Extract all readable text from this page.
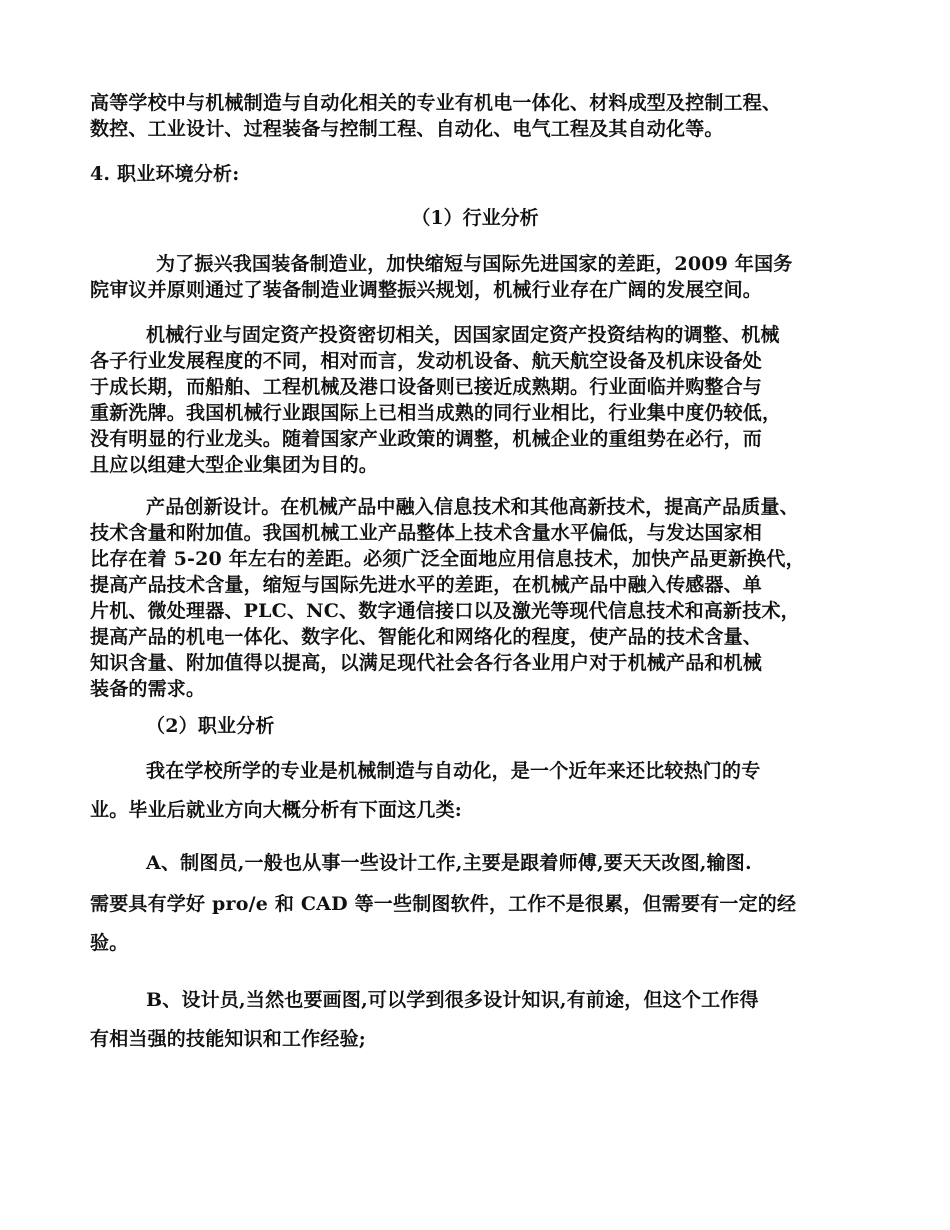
高等学校中与机械制造与自动化相关的专业有机电一体化、材料成型及控制工程、
数控、工业设计、过程装备与控制工程、自动化、电气工程及其自动化等。
4. 职业环境分析:
（1）行业分析
为了振兴我国装备制造业，加快缩短与国际先进国家的差距，2009 年国务
院审议并原则通过了装备制造业调整振兴规划，机械行业存在广阔的发展空间。
机械行业与固定资产投资密切相关，因国家固定资产投资结构的调整、机械
各子行业发展程度的不同，相对而言，发动机设备、航天航空设备及机床设备处
于成长期，而船舶、工程机械及港口设备则已接近成熟期。行业面临并购整合与
重新洗牌。我国机械行业跟国际上已相当成熟的同行业相比，行业集中度仍较低，
没有明显的行业龙头。随着国家产业政策的调整，机械企业的重组势在必行，而
且应以组建大型企业集团为目的。
产品创新设计。在机械产品中融入信息技术和其他高新技术，提高产品质量、
技术含量和附加值。我国机械工业产品整体上技术含量水平偏低，与发达国家相
比存在着 5-20 年左右的差距。必须广泛全面地应用信息技术，加快产品更新换代，
提高产品技术含量，缩短与国际先进水平的差距，在机械产品中融入传感器、单
片机、微处理器、PLC、NC、数字通信接口以及激光等现代信息技术和高新技术，
提高产品的机电一体化、数字化、智能化和网络化的程度，使产品的技术含量、
知识含量、附加值得以提高，以满足现代社会各行各业用户对于机械产品和机械
装备的需求。
（2）职业分析
我在学校所学的专业是机械制造与自动化，是一个近年来还比较热门的专
业。毕业后就业方向大概分析有下面这几类:
A、制图员,一般也从事一些设计工作,主要是跟着师傅,要天天改图,输图.
需要具有学好 pro/e 和 CAD 等一些制图软件，工作不是很累，但需要有一定的经
验。
B、设计员,当然也要画图,可以学到很多设计知识,有前途，但这个工作得
有相当强的技能知识和工作经验;
